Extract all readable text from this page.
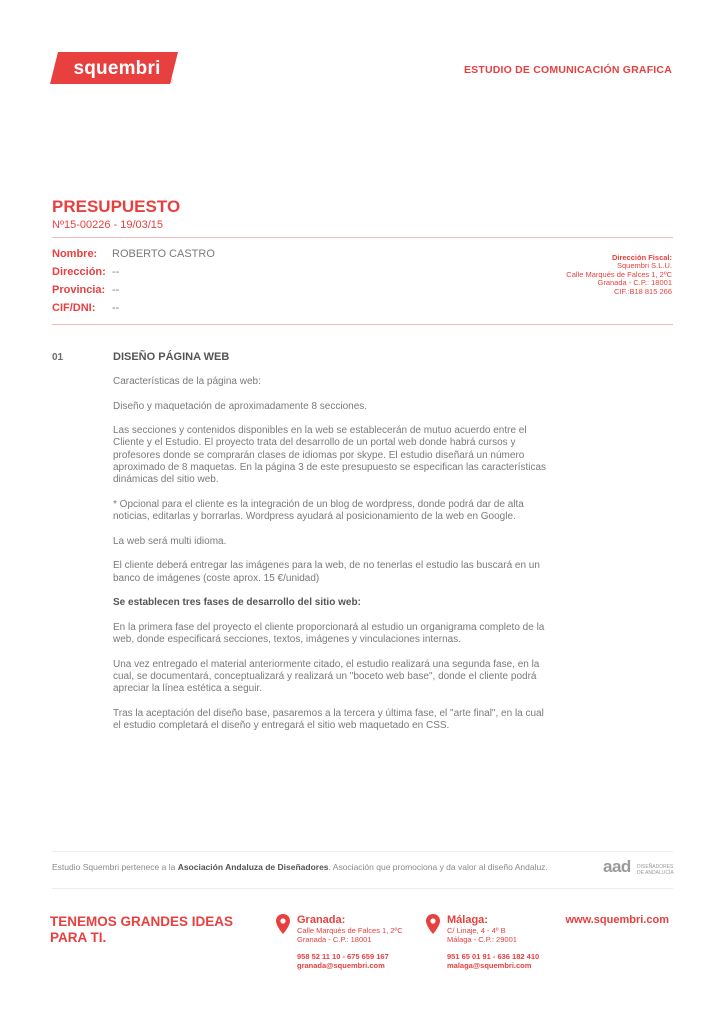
squembri
®
ESTUDIO DE COMUNICACIÓN GRAFICA
PRESUPUESTO
Nº15-00226 - 19/03/15
Nombre:	ROBERTO CASTRO
Dirección: --
Provincia: --
CIF/DNI:	--
Dirección Fiscal:
Squembri S.L.U.
Calle Marqués de Falces 1, 2ºC
Granada - C.P.: 18001
CIF.:B18 815 266
01	DISEÑO PÁGINA WEB

Características de la página web:

Diseño y maquetación de aproximadamente 8 secciones.

Las secciones y contenidos disponibles en la web se establecerán de mutuo acuerdo entre el Cliente y el Estudio. El proyecto trata del desarrollo de un portal web donde habrá cursos y profesores donde se comprarán clases de idiomas por skype. El estudio diseñará un número aproximado de 8 maquetas. En la página 3 de este presupuesto se especifican las características dinámicas del sitio web.

* Opcional para el cliente es la integración de un blog de wordpress, donde podrá dar de alta noticias, editarlas y borrarlas. Wordpress ayudará al posicionamiento de la web en Google.

La web será multi idioma.

El cliente deberá entregar las imágenes para la web, de no tenerlas el estudio las buscará en un banco de imágenes (coste aprox. 15 €/unidad)

Se establecen tres fases de desarrollo del sitio web:

En la primera fase del proyecto el cliente proporcionará al estudio un organigrama completo de la web, donde especificará secciones, textos, imágenes y vinculaciones internas.

Una vez entregado el material anteriormente citado, el estudio realizará una segunda fase, en la cual, se documentará, conceptualizará y realizará un "boceto web base", donde el cliente podrá apreciar la línea estética a seguir.

Tras la aceptación del diseño base, pasaremos a la tercera y última fase, el "arte final", en la cual el estudio completará el diseño y entregará el sitio web maquetado en CSS.

Estudio Squembri pertenece a la Asociación Andaluza de Diseñadores. Asociación que promociona y da valor al diseño Andaluz.	aad DISEÑADORES
DE ANDALUCÍA
TENEMOS GRANDES IDEAS
PARA TI.
Granada:
Calle Marqués de Falces 1, 2ºC
Granada - C.P.: 18001
958 52 11 10 - 675 659 167
granada@squembri.com
Málaga:
C/ Linaje, 4 - 4º B
Málaga - C.P.: 29001
951 65 01 91 - 636 182 410
malaga@squembri.com
www.squembri.com
